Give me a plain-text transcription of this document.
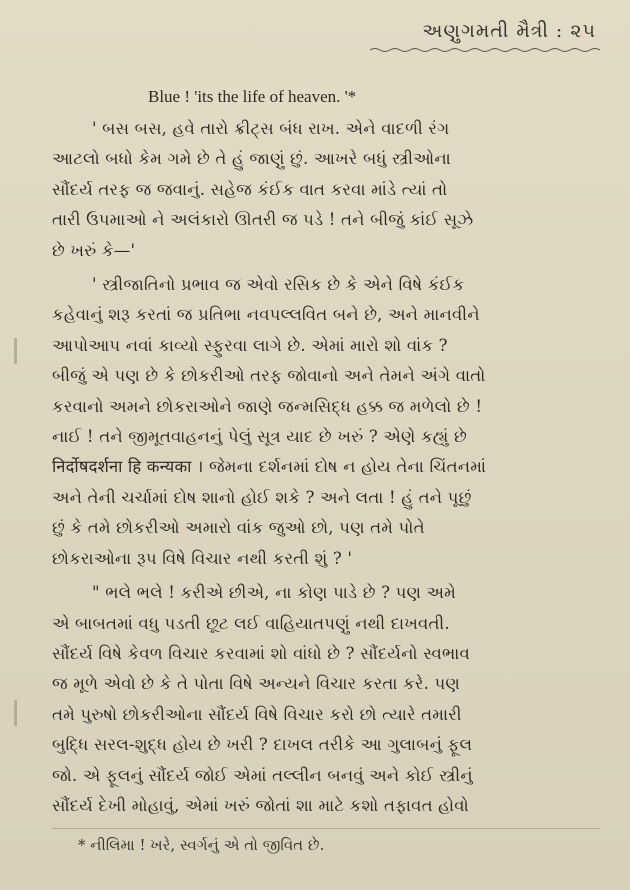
અણુગમતી મૈત્રી : ૨૫
Blue ! 'its the life of heaven. '*
' બસ બસ, હવે તારો ક્રીટ્સ બંધ રાખ. એને વાદળી રંગ
આટલો બધો કેમ ગમે છે તે હું જાણું છું. આખરે બધું સ્ત્રીઓના
સૌંદર્ય તરફ જ જવાનું. સહેજ કંઈક વાત કરવા માંડે ત્યાં તો
તારી ઉપમાઓ ને અલંકારો ઊતરી જ પડે ! તને બીજું કાંઈ સૂઝે
છે ખરું કે—'
' સ્ત્રીજાતિનો પ્રભાવ જ એવો રસિક છે કે એને વિષે કંઈક
કહેવાનું શરૂ કરતાં જ પ્રતિભા નવપલ્લવિત બને છે, અને માનવીને
આપોઆપ નવાં કાવ્યો સ્ફુરવા લાગે છે. એમાં મારો શો વાંક ?
બીજું એ પણ છે કે છોકરીઓ તરફ જોવાનો અને તેમને અંગે વાતો
કરવાનો અમને છોકરાઓને જાણે જન્મસિદ્ધ હક્ક જ મળેલો છે !
નાઈ ! તને જીમૂતવાહનનું પેલું સૂત્ર યાદ છે ખરું ? એણે કહ્યું છે
निर्दोषदर्शना हि कन्यका । જેમના દર્શનમાં દોષ ન હોય તેના ચિંતનમાં
અને તેની ચર્ચામાં દોષ શાનો હોઈ શકે ? અને લતા ! હું તને પૂછું
છું કે તમે છોકરીઓ અમારો વાંક જુઓ છો, પણ તમે પોતે
છોકરાઓના રૂપ વિષે વિચાર નથી કરતી શું ? '
" ભલે ભલે ! કરીએ છીએ, ના કોણ પાડે છે ? પણ અમે
એ બાબતમાં વધુ પડતી છૂટ લઈ વાહિયાતપણું નથી દાખવતી.
સૌંદર્ય વિષે કેવળ વિચાર કરવામાં શો વાંધો છે ? સૌંદર્યનો સ્વભાવ
જ મૂળે એવો છે કે તે પોતા વિષે અન્યને વિચાર કરતા કરે. પણ
તમે પુરુષો છોકરીઓના સૌંદર્ય વિષે વિચાર કરો છો ત્યારે તમારી
બુદ્ધિ સરલ-શુદ્ધ હોય છે ખરી ? દાખલ તરીકે આ ગુલાબનું ફૂલ
જો. એ ફૂલનું સૌંદર્ય જોઈ એમાં તલ્લીન બનવું અને કોઈ સ્ત્રીનું
સૌંદર્ય દેખી મોહાવું, એમાં ખરું જોતાં શા માટે કશો તફાવત હોવો
* નીલિમા ! ખરે, સ્વર્ગનું એ તો જીવિત છે.
